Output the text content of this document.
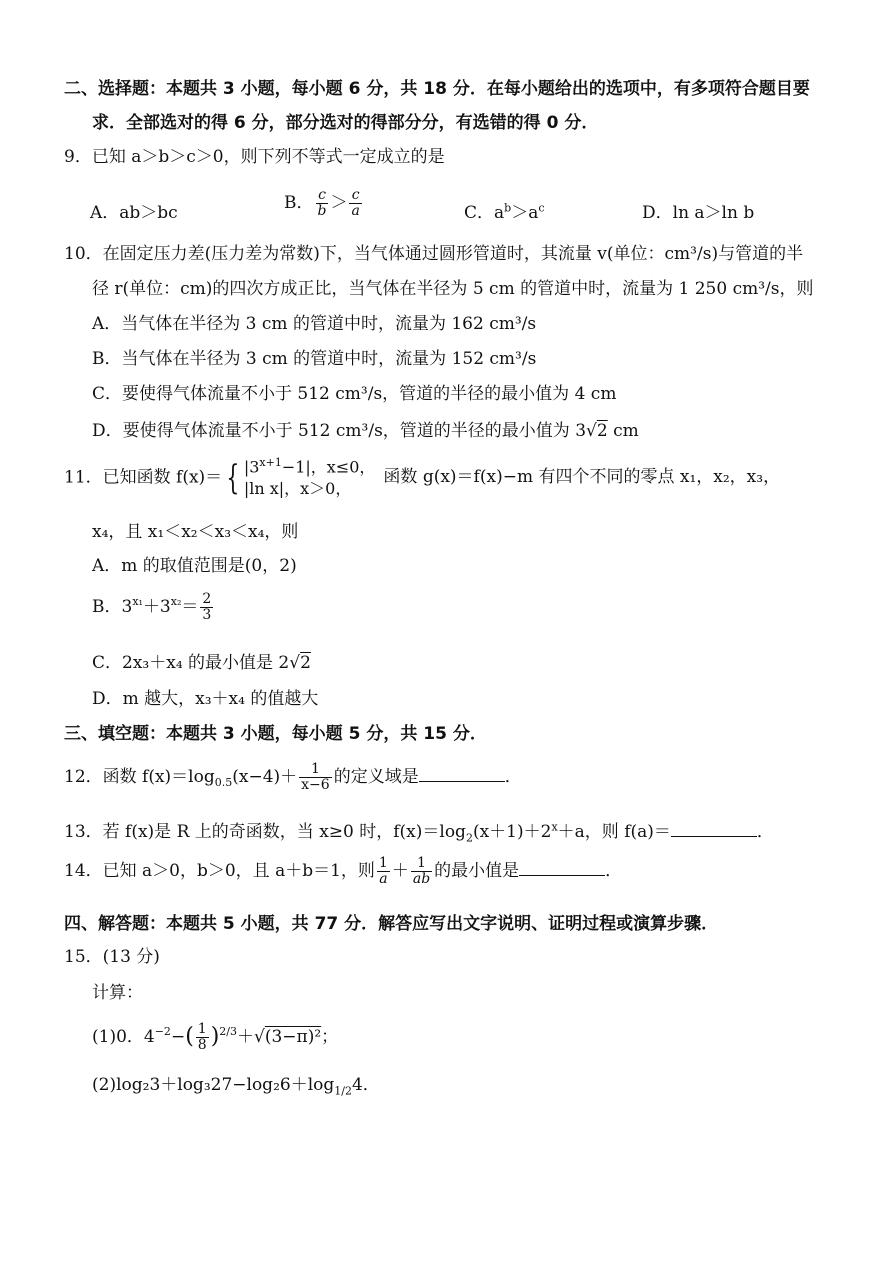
二、选择题：本题共 3 小题，每小题 6 分，共 18 分．在每小题给出的选项中，有多项符合题目要
求．全部选对的得 6 分，部分选对的得部分分，有选错的得 0 分．
9．已知 a＞b＞c＞0，则下列不等式一定成立的是
A．ab＞bc	B． $\frac{c}{b} > \frac{c}{a}$	C．$a^b>a^c$	D．ln a＞ln b
10．在固定压力差(压力差为常数)下，当气体通过圆形管道时，其流量 v(单位：cm³/s)与管道的半
径 r(单位：cm)的四次方成正比，当气体在半径为 5 cm 的管道中时，流量为 1 250 cm³/s，则
A．当气体在半径为 3 cm 的管道中时，流量为 162 cm³/s
B．当气体在半径为 3 cm 的管道中时，流量为 152 cm³/s
C．要使得气体流量不小于 512 cm³/s，管道的半径的最小值为 4 cm
D．要使得气体流量不小于 512 cm³/s，管道的半径的最小值为 3√2 cm
11．已知函数 f(x)＝ { $|3^{x+1}-1|$，x≤0，
|ln x|，x＞0，
函数 g(x)＝f(x)−m 有四个不同的零点 x₁，x₂，x₃，
x₄，且 x₁＜x₂＜x₃＜x₄，则
A．m 的取值范围是(0，2)
B．$3^{x_1}+3^{x_2}= \frac{2}{3}$
C．2x₃＋x₄ 的最小值是 2√2
D．m 越大，x₃＋x₄ 的值越大
三、填空题：本题共 3 小题，每小题 5 分，共 15 分．
12．函数 $f(x)=\log_{0.5}(x-4)+ \frac{1}{x-6}$ 的定义域是	．
13．若 f(x)是 R 上的奇函数，当 x≥0 时，$f(x)=\log_2(x+1)+2^x+a$，则 f(a)＝	．
14．已知 a＞0，b＞0，且 a＋b＝1，则 $\frac{1}{a} + \frac{1}{ab}$ 的最小值是	．
四、解答题：本题共 5 小题，共 77 分．解答应写出文字说明、证明过程或演算步骤．
15．(13 分)
计算：
(1)0．$4^{-2}-( \frac{1}{8} )^{2/3}+√(3-\pi)^2$；
$(2)\log_23+\log_327-\log_26+\log_{1/2}4$．
